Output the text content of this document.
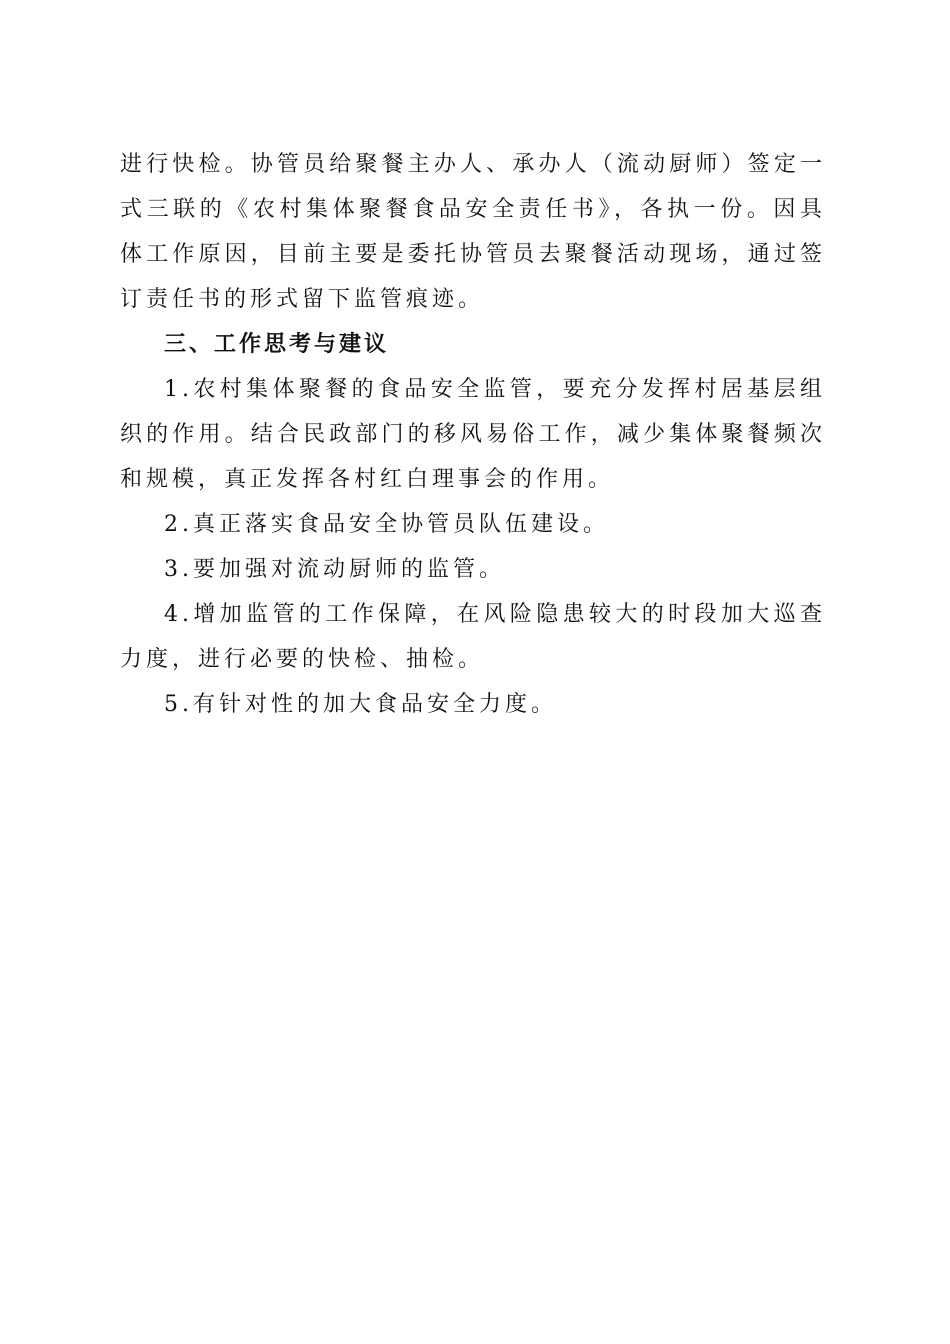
进行快检。协管员给聚餐主办人、承办人（流动厨师）签定一式三联的《农村集体聚餐食品安全责任书》，各执一份。因具体工作原因，目前主要是委托协管员去聚餐活动现场，通过签订责任书的形式留下监管痕迹。

三、工作思考与建议

1.农村集体聚餐的食品安全监管，要充分发挥村居基层组织的作用。结合民政部门的移风易俗工作，减少集体聚餐频次和规模，真正发挥各村红白理事会的作用。

2.真正落实食品安全协管员队伍建设。

3.要加强对流动厨师的监管。

4.增加监管的工作保障，在风险隐患较大的时段加大巡查力度，进行必要的快检、抽检。

5.有针对性的加大食品安全力度。
